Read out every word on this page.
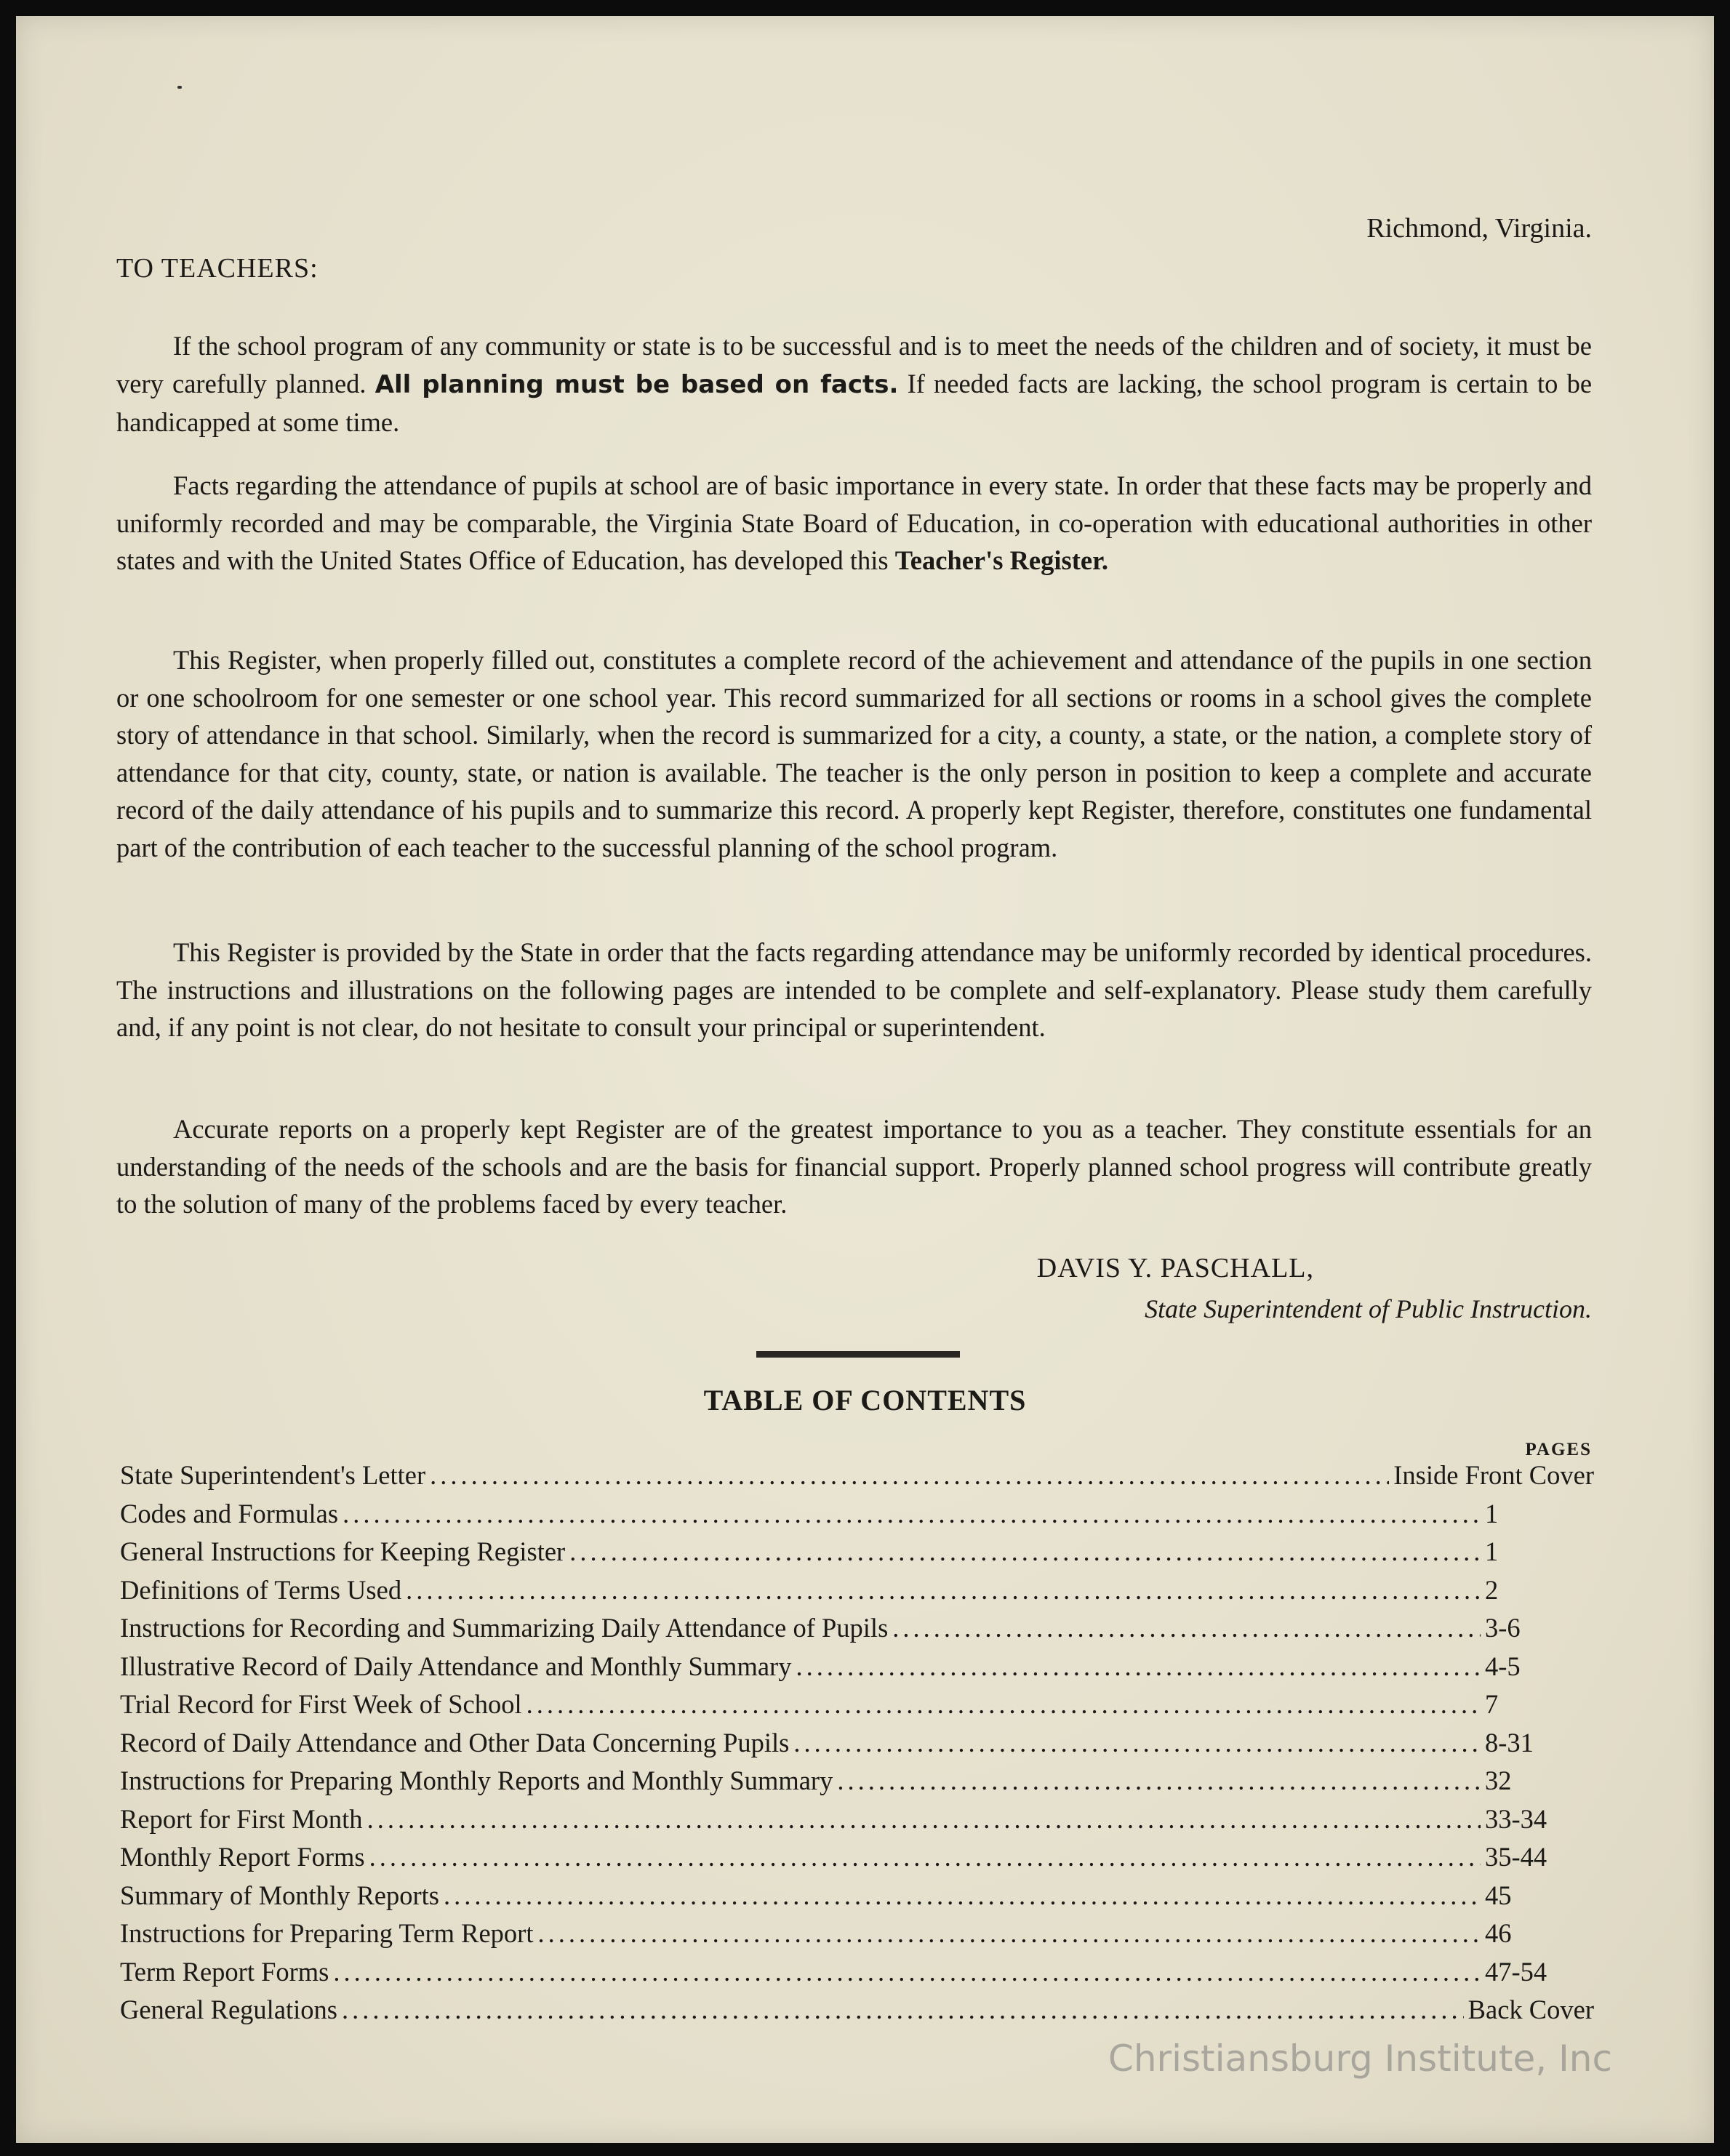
Richmond, Virginia.
TO TEACHERS:

If the school program of any community or state is to be successful and is to meet the needs of the children and of society, it must be very carefully planned. All planning must be based on facts. If needed facts are lacking, the school program is certain to be handicapped at some time.

Facts regarding the attendance of pupils at school are of basic importance in every state. In order that these facts may be properly and uniformly recorded and may be comparable, the Virginia State Board of Education, in co-operation with educational authorities in other states and with the United States Office of Education, has developed this Teacher's Register.

This Register, when properly filled out, constitutes a complete record of the achievement and attendance of the pupils in one section or one schoolroom for one semester or one school year. This record summarized for all sections or rooms in a school gives the complete story of attendance in that school. Similarly, when the record is summarized for a city, a county, a state, or the nation, a complete story of attendance for that city, county, state, or nation is available. The teacher is the only person in position to keep a complete and accurate record of the daily attendance of his pupils and to summarize this record. A properly kept Register, therefore, constitutes one fundamental part of the contribution of each teacher to the successful planning of the school program.

This Register is provided by the State in order that the facts regarding attendance may be uniformly recorded by identical procedures. The instructions and illustrations on the following pages are intended to be complete and self-explanatory. Please study them carefully and, if any point is not clear, do not hesitate to consult your principal or superintendent.

Accurate reports on a properly kept Register are of the greatest importance to you as a teacher. They constitute essentials for an understanding of the needs of the schools and are the basis for financial support. Properly planned school progress will contribute greatly to the solution of many of the problems faced by every teacher.

DAVIS Y. PASCHALL,
State Superintendent of Public Instruction.
TABLE OF CONTENTS
PAGES
State Superintendent's Letter .....	Inside Front Cover
Codes and Formulas .....	1
General Instructions for Keeping Register .....	1
Definitions of Terms Used .....	2
Instructions for Recording and Summarizing Daily Attendance of Pupils .....	3-6
Illustrative Record of Daily Attendance and Monthly Summary .....	4-5
Trial Record for First Week of School .....	7
Record of Daily Attendance and Other Data Concerning Pupils .....	8-31
Instructions for Preparing Monthly Reports and Monthly Summary .....	32
Report for First Month .....	33-34
Monthly Report Forms .....	35-44
Summary of Monthly Reports .....	45
Instructions for Preparing Term Report .....	46
Term Report Forms .....	47-54
General Regulations .....	Back Cover
Christiansburg Institute, Inc
